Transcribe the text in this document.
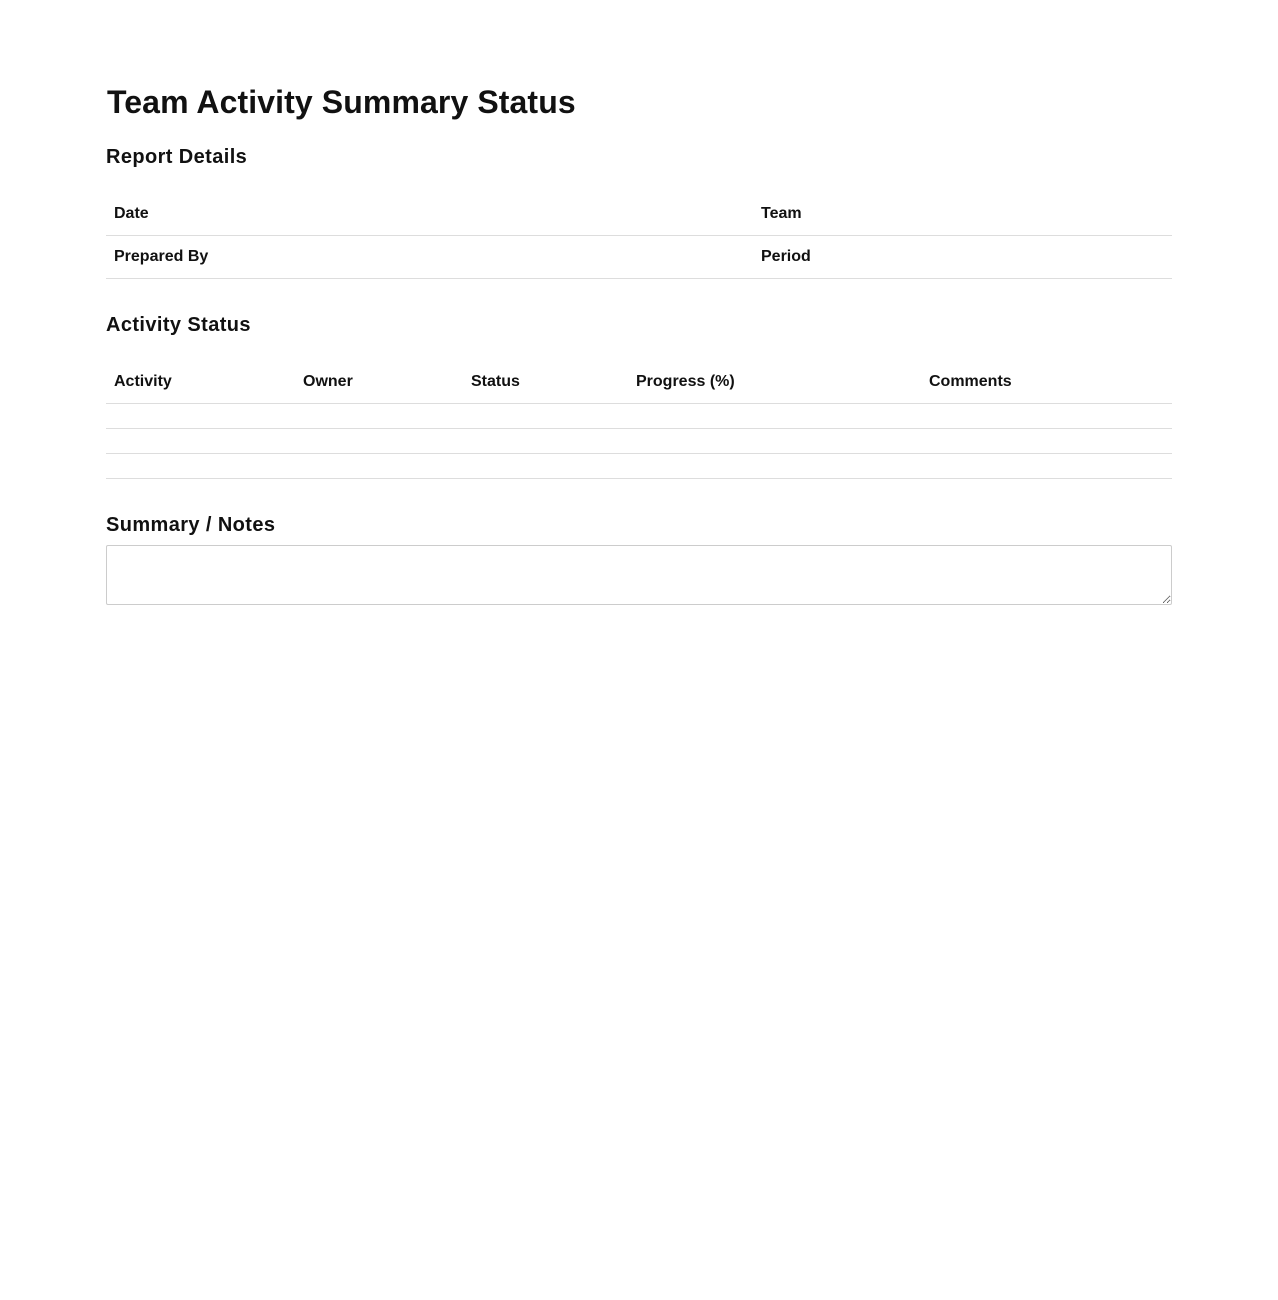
Team Activity Summary Status
Report Details
Date	Team
Prepared By	Period
Activity Status
Activity	Owner	Status	Progress (%)	Comments

Summary / Notes
